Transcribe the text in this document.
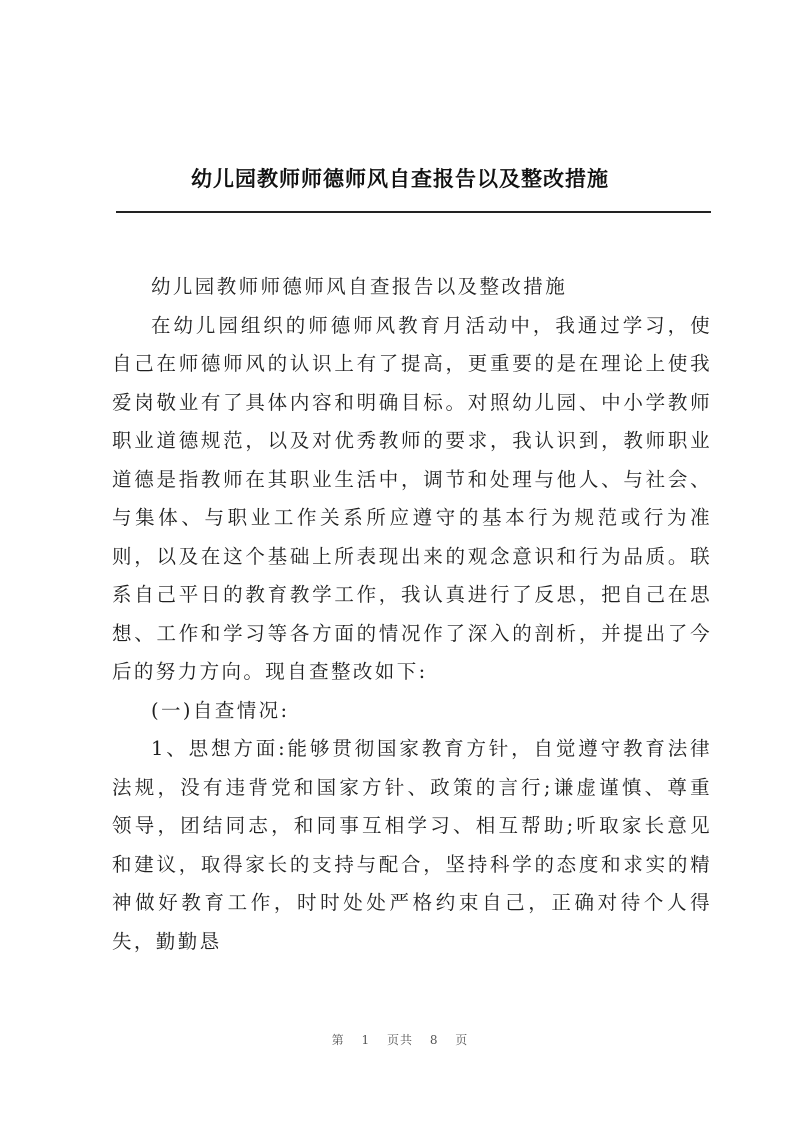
幼儿园教师师德师风自查报告以及整改措施

幼儿园教师师德师风自查报告以及整改措施

在幼儿园组织的师德师风教育月活动中，我通过学习，使自己在师德师风的认识上有了提高，更重要的是在理论上使我爱岗敬业有了具体内容和明确目标。对照幼儿园、中小学教师职业道德规范，以及对优秀教师的要求，我认识到，教师职业道德是指教师在其职业生活中，调节和处理与他人、与社会、与集体、与职业工作关系所应遵守的基本行为规范或行为准则，以及在这个基础上所表现出来的观念意识和行为品质。联系自己平日的教育教学工作，我认真进行了反思，把自己在思想、工作和学习等各方面的情况作了深入的剖析，并提出了今后的努力方向。现自查整改如下:

(一)自查情况:

1、思想方面:能够贯彻国家教育方针，自觉遵守教育法律法规，没有违背党和国家方针、政策的言行;谦虚谨慎、尊重领导，团结同志，和同事互相学习、相互帮助;听取家长意见和建议，取得家长的支持与配合，坚持科学的态度和求实的精神做好教育工作，时时处处严格约束自己，正确对待个人得失，勤勤恳

第 1 页共 8 页
